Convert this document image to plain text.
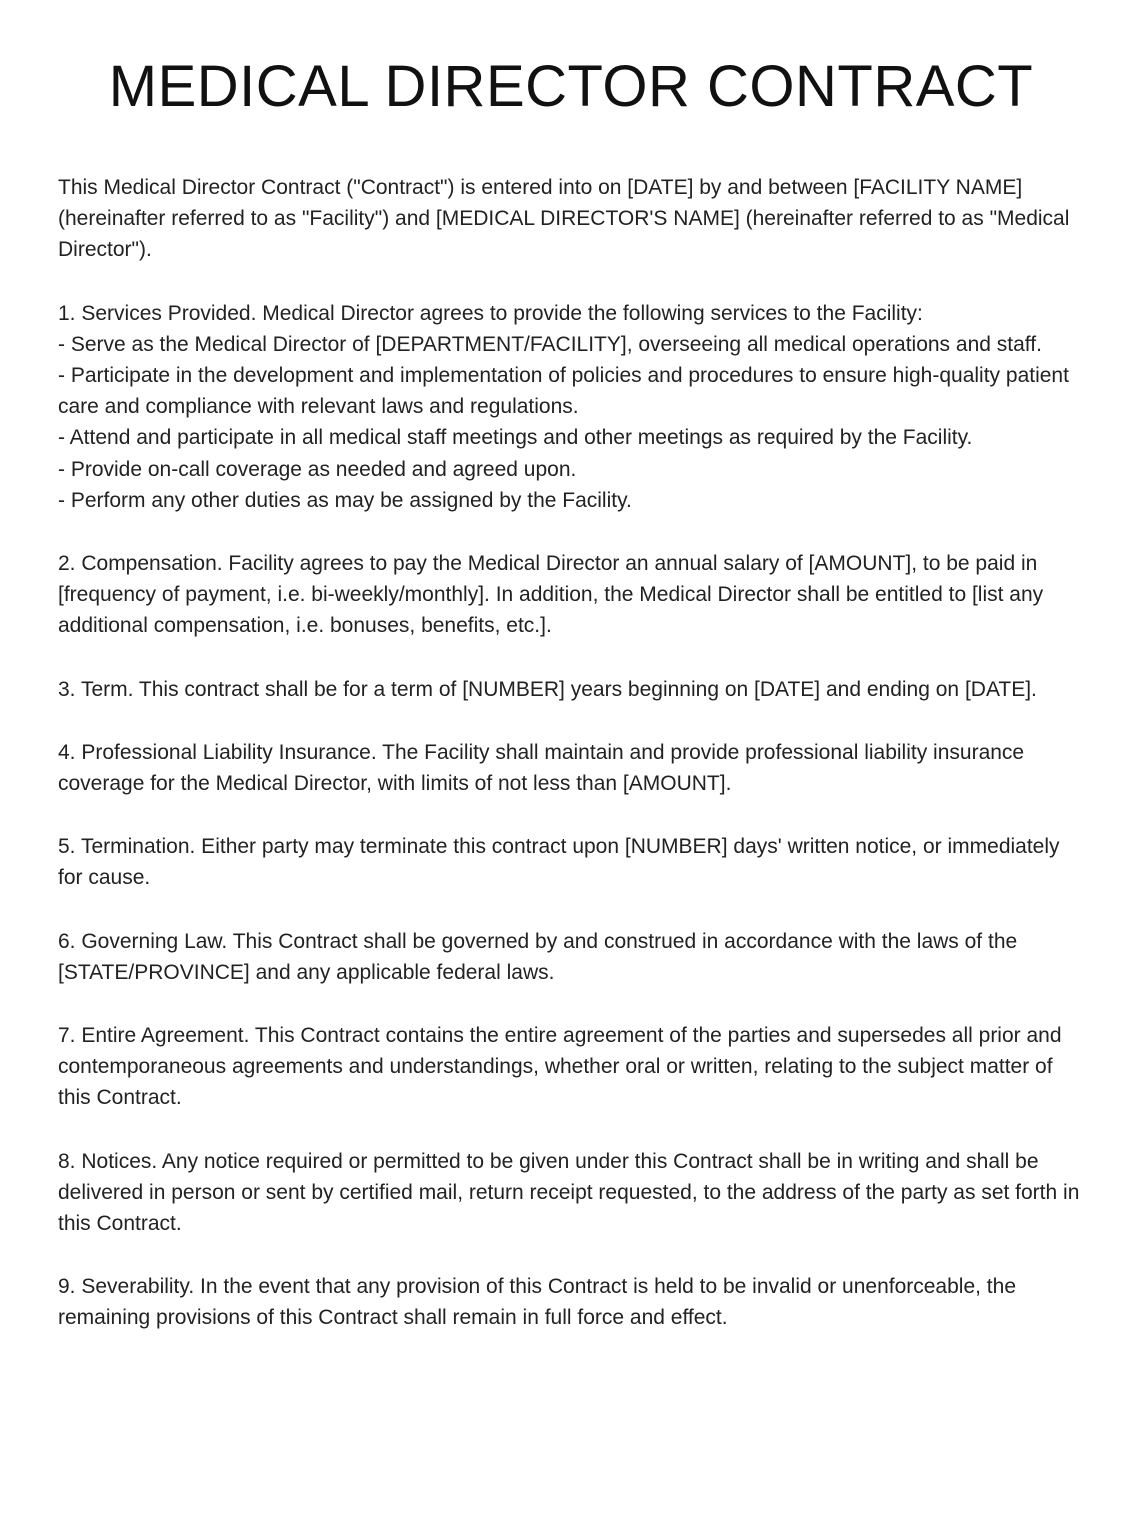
MEDICAL DIRECTOR CONTRACT

This Medical Director Contract ("Contract") is entered into on [DATE] by and between [FACILITY NAME] (hereinafter referred to as "Facility") and [MEDICAL DIRECTOR'S NAME] (hereinafter referred to as "Medical Director").

1. Services Provided. Medical Director agrees to provide the following services to the Facility:
- Serve as the Medical Director of [DEPARTMENT/FACILITY], overseeing all medical operations and staff.
- Participate in the development and implementation of policies and procedures to ensure high-quality patient care and compliance with relevant laws and regulations.
- Attend and participate in all medical staff meetings and other meetings as required by the Facility.
- Provide on-call coverage as needed and agreed upon.
- Perform any other duties as may be assigned by the Facility.

2. Compensation. Facility agrees to pay the Medical Director an annual salary of [AMOUNT], to be paid in [frequency of payment, i.e. bi-weekly/monthly]. In addition, the Medical Director shall be entitled to [list any additional compensation, i.e. bonuses, benefits, etc.].

3. Term. This contract shall be for a term of [NUMBER] years beginning on [DATE] and ending on [DATE].

4. Professional Liability Insurance. The Facility shall maintain and provide professional liability insurance coverage for the Medical Director, with limits of not less than [AMOUNT].

5. Termination. Either party may terminate this contract upon [NUMBER] days' written notice, or immediately for cause.

6. Governing Law. This Contract shall be governed by and construed in accordance with the laws of the [STATE/PROVINCE] and any applicable federal laws.

7. Entire Agreement. This Contract contains the entire agreement of the parties and supersedes all prior and contemporaneous agreements and understandings, whether oral or written, relating to the subject matter of this Contract.

8. Notices. Any notice required or permitted to be given under this Contract shall be in writing and shall be delivered in person or sent by certified mail, return receipt requested, to the address of the party as set forth in this Contract.

9. Severability. In the event that any provision of this Contract is held to be invalid or unenforceable, the remaining provisions of this Contract shall remain in full force and effect.
